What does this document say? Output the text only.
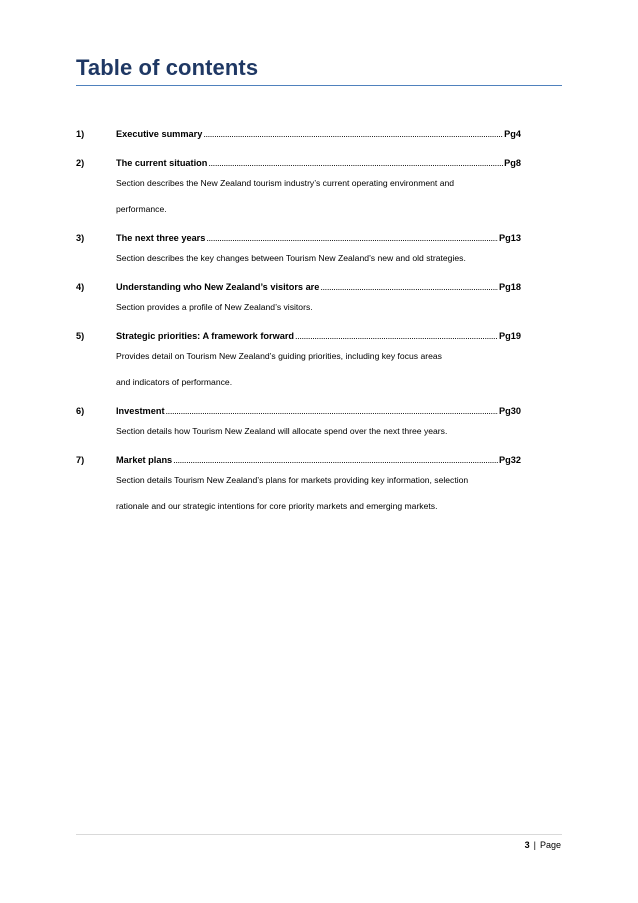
Table of contents
1)	Executive summary .....	Pg4
2)	The current situation .....	Pg8
Section describes the New Zealand tourism industry’s current operating environment and
performance.
3)	The next three years .....	Pg13
Section describes the key changes between Tourism New Zealand’s new and old strategies.
4)	Understanding who New Zealand’s visitors are .....	Pg18
Section provides a profile of New Zealand’s visitors.
5)	Strategic priorities: A framework forward .....	Pg19
Provides detail on Tourism New Zealand’s guiding priorities, including key focus areas
and indicators of performance.
6)	Investment .....	Pg30
Section details how Tourism New Zealand will allocate spend over the next three years.
7)	Market plans .....	Pg32
Section details Tourism New Zealand’s plans for markets providing key information, selection
rationale and our strategic intentions for core priority markets and emerging markets.
3 | Page
